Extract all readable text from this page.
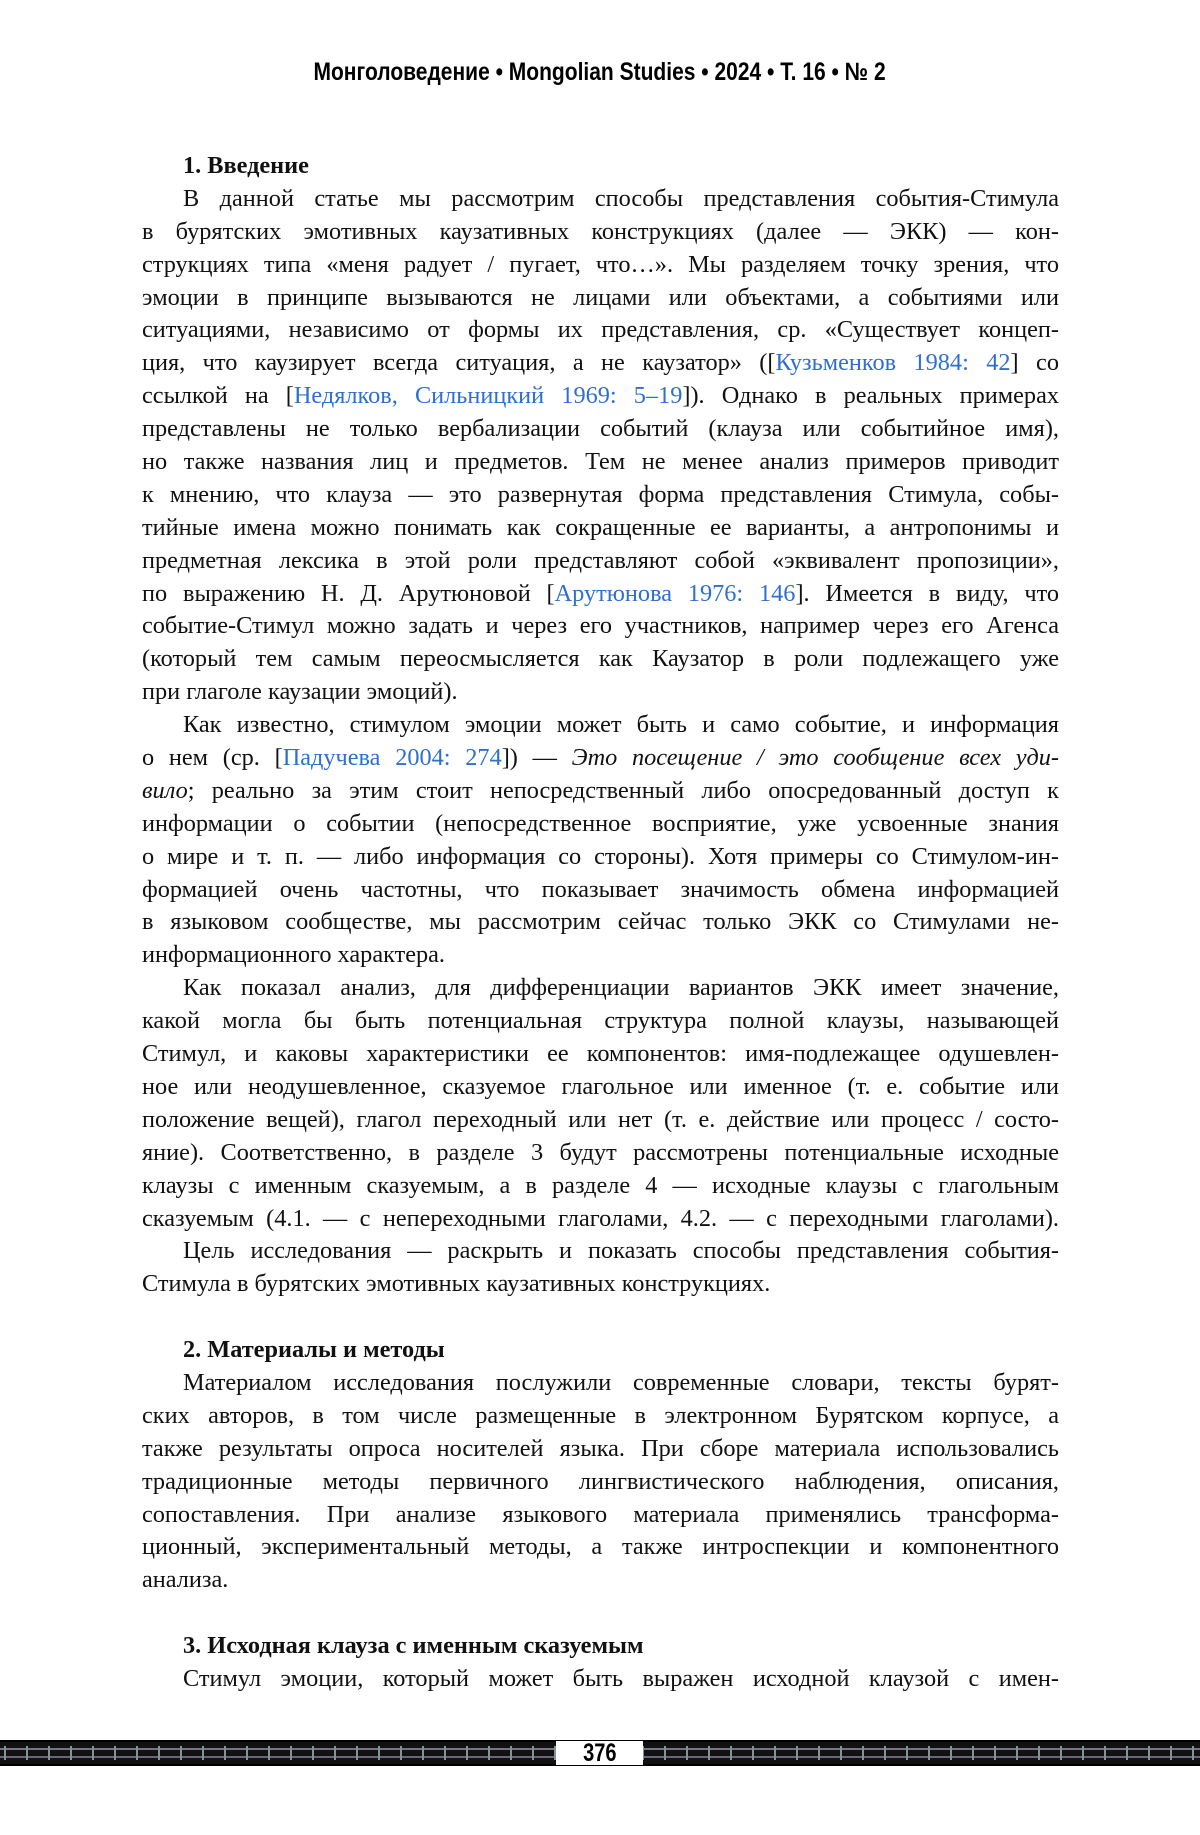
Монголоведение • Mongolian Studies • 2024 • Т. 16 • № 2
1. Введение
В данной статье мы рассмотрим способы представления события-Стимула
в бурятских эмотивных каузативных конструкциях (далее — ЭКК) — кон-
струкциях типа «меня радует / пугает, что…». Мы разделяем точку зрения, что
эмоции в принципе вызываются не лицами или объектами, а событиями или
ситуациями, независимо от формы их представления, ср. «Существует концеп-
ция, что каузирует всегда ситуация, а не каузатор» ([Кузьменков 1984: 42] со
ссылкой на [Недялков, Сильницкий 1969: 5–19]). Однако в реальных примерах
представлены не только вербализации событий (клауза или событийное имя),
но также названия лиц и предметов. Тем не менее анализ примеров приводит
к мнению, что клауза — это развернутая форма представления Стимула, собы-
тийные имена можно понимать как сокращенные ее варианты, а антропонимы и
предметная лексика в этой роли представляют собой «эквивалент пропозиции»,
по выражению Н. Д. Арутюновой [Арутюнова 1976: 146]. Имеется в виду, что
событие-Стимул можно задать и через его участников, например через его Агенса
(который тем самым переосмысляется как Каузатор в роли подлежащего уже
при глаголе каузации эмоций).
Как известно, стимулом эмоции может быть и само событие, и информация
о нем (ср. [Падучева 2004: 274]) — Это посещение / это сообщение всех уди-
вило; реально за этим стоит непосредственный либо опосредованный доступ к
информации о событии (непосредственное восприятие, уже усвоенные знания
о мире и т. п. — либо информация со стороны). Хотя примеры со Стимулом-ин-
формацией очень частотны, что показывает значимость обмена информацией
в языковом сообществе, мы рассмотрим сейчас только ЭКК со Стимулами не-
информационного характера.
Как показал анализ, для дифференциации вариантов ЭКК имеет значение,
какой могла бы быть потенциальная структура полной клаузы, называющей
Стимул, и каковы характеристики ее компонентов: имя-подлежащее одушевлен-
ное или неодушевленное, сказуемое глагольное или именное (т. е. событие или
положение вещей), глагол переходный или нет (т. е. действие или процесс / состо-
яние). Соответственно, в разделе 3 будут рассмотрены потенциальные исходные
клаузы с именным сказуемым, а в разделе 4 — исходные клаузы с глагольным
сказуемым (4.1. — с непереходными глаголами, 4.2. — с переходными глаголами).
Цель исследования — раскрыть и показать способы представления события-
Стимула в бурятских эмотивных каузативных конструкциях.
2. Материалы и методы
Материалом исследования послужили современные словари, тексты бурят-
ских авторов, в том числе размещенные в электронном Бурятском корпусе, а
также результаты опроса носителей языка. При сборе материала использовались
традиционные методы первичного лингвистического наблюдения, описания,
сопоставления. При анализе языкового материала применялись трансформа-
ционный, экспериментальный методы, а также интроспекции и компонентного
анализа.
3. Исходная клауза с именным сказуемым
Стимул эмоции, который может быть выражен исходной клаузой с имен-
376
